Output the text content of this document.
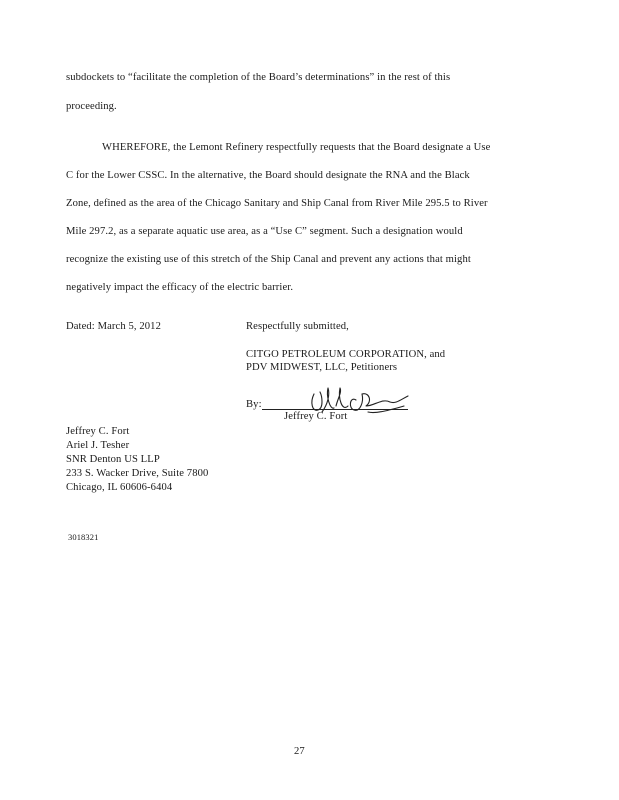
subdockets to “facilitate the completion of the Board’s determinations” in the rest of this
proceeding.
WHEREFORE, the Lemont Refinery respectfully requests that the Board designate a Use
C for the Lower CSSC. In the alternative, the Board should designate the RNA and the Black
Zone, defined as the area of the Chicago Sanitary and Ship Canal from River Mile 295.5 to River
Mile 297.2, as a separate aquatic use area, as a “Use C” segment. Such a designation would
recognize the existing use of this stretch of the Ship Canal and prevent any actions that might
negatively impact the efficacy of the electric barrier.
Dated: March 5, 2012	Respectfully submitted,
CITGO PETROLEUM CORPORATION, and
PDV MIDWEST, LLC, Petitioners
By:
Jeffrey C. Fort
Jeffrey C. Fort
Ariel J. Tesher
SNR Denton US LLP
233 S. Wacker Drive, Suite 7800
Chicago, IL 60606-6404
3018321
27
